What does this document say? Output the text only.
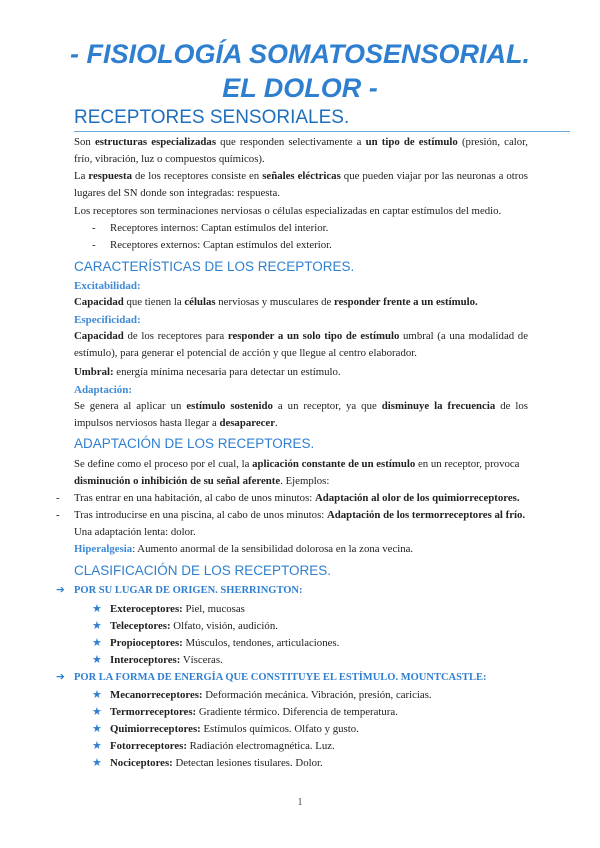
- FISIOLOGÍA SOMATOSENSORIAL.
EL DOLOR -
RECEPTORES SENSORIALES.
Son estructuras especializadas que responden selectivamente a un tipo de estímulo (presión, calor, frío, vibración, luz o compuestos químicos).
La respuesta de los receptores consiste en señales eléctricas que pueden viajar por las neuronas a otros lugares del SN donde son integradas: respuesta.
Los receptores son terminaciones nerviosas o células especializadas en captar estímulos del medio.
- Receptores internos: Captan estímulos del interior.
- Receptores externos: Captan estímulos del exterior.
CARACTERÍSTICAS DE LOS RECEPTORES.
Excitabilidad:
Capacidad que tienen la células nerviosas y musculares de responder frente a un estímulo.
Especificidad:
Capacidad de los receptores para responder a un solo tipo de estímulo umbral (a una modalidad de estímulo), para generar el potencial de acción y que llegue al centro elaborador.
Umbral: energía mínima necesaria para detectar un estímulo.
Adaptación:
Se genera al aplicar un estímulo sostenido a un receptor, ya que disminuye la frecuencia de los impulsos nerviosos hasta llegar a desaparecer.
ADAPTACIÓN DE LOS RECEPTORES.
Se define como el proceso por el cual, la aplicación constante de un estímulo en un receptor, provoca disminución o inhibición de su señal aferente. Ejemplos:
- Tras entrar en una habitación, al cabo de unos minutos: Adaptación al olor de los quimiorreceptores.
- Tras introducirse en una piscina, al cabo de unos minutos: Adaptación de los termorreceptores al frío.
Una adaptación lenta: dolor.
Hiperalgesia: Aumento anormal de la sensibilidad dolorosa en la zona vecina.
CLASIFICACIÓN DE LOS RECEPTORES.
➔ POR SU LUGAR DE ORIGEN. SHERRINGTON:
★ Exteroceptores: Piel, mucosas
★ Teleceptores: Olfato, visión, audición.
★ Propioceptores: Músculos, tendones, articulaciones.
★ Interoceptores: Vísceras.
➔ POR LA FORMA DE ENERGÍA QUE CONSTITUYE EL ESTÍMULO. MOUNTCASTLE:
★ Mecanorreceptores: Deformación mecánica. Vibración, presión, caricias.
★ Termorreceptores: Gradiente térmico. Diferencia de temperatura.
★ Quimiorreceptores: Estímulos químicos. Olfato y gusto.
★ Fotorreceptores: Radiación electromagnética. Luz.
★ Nociceptores: Detectan lesiones tisulares. Dolor.
1
